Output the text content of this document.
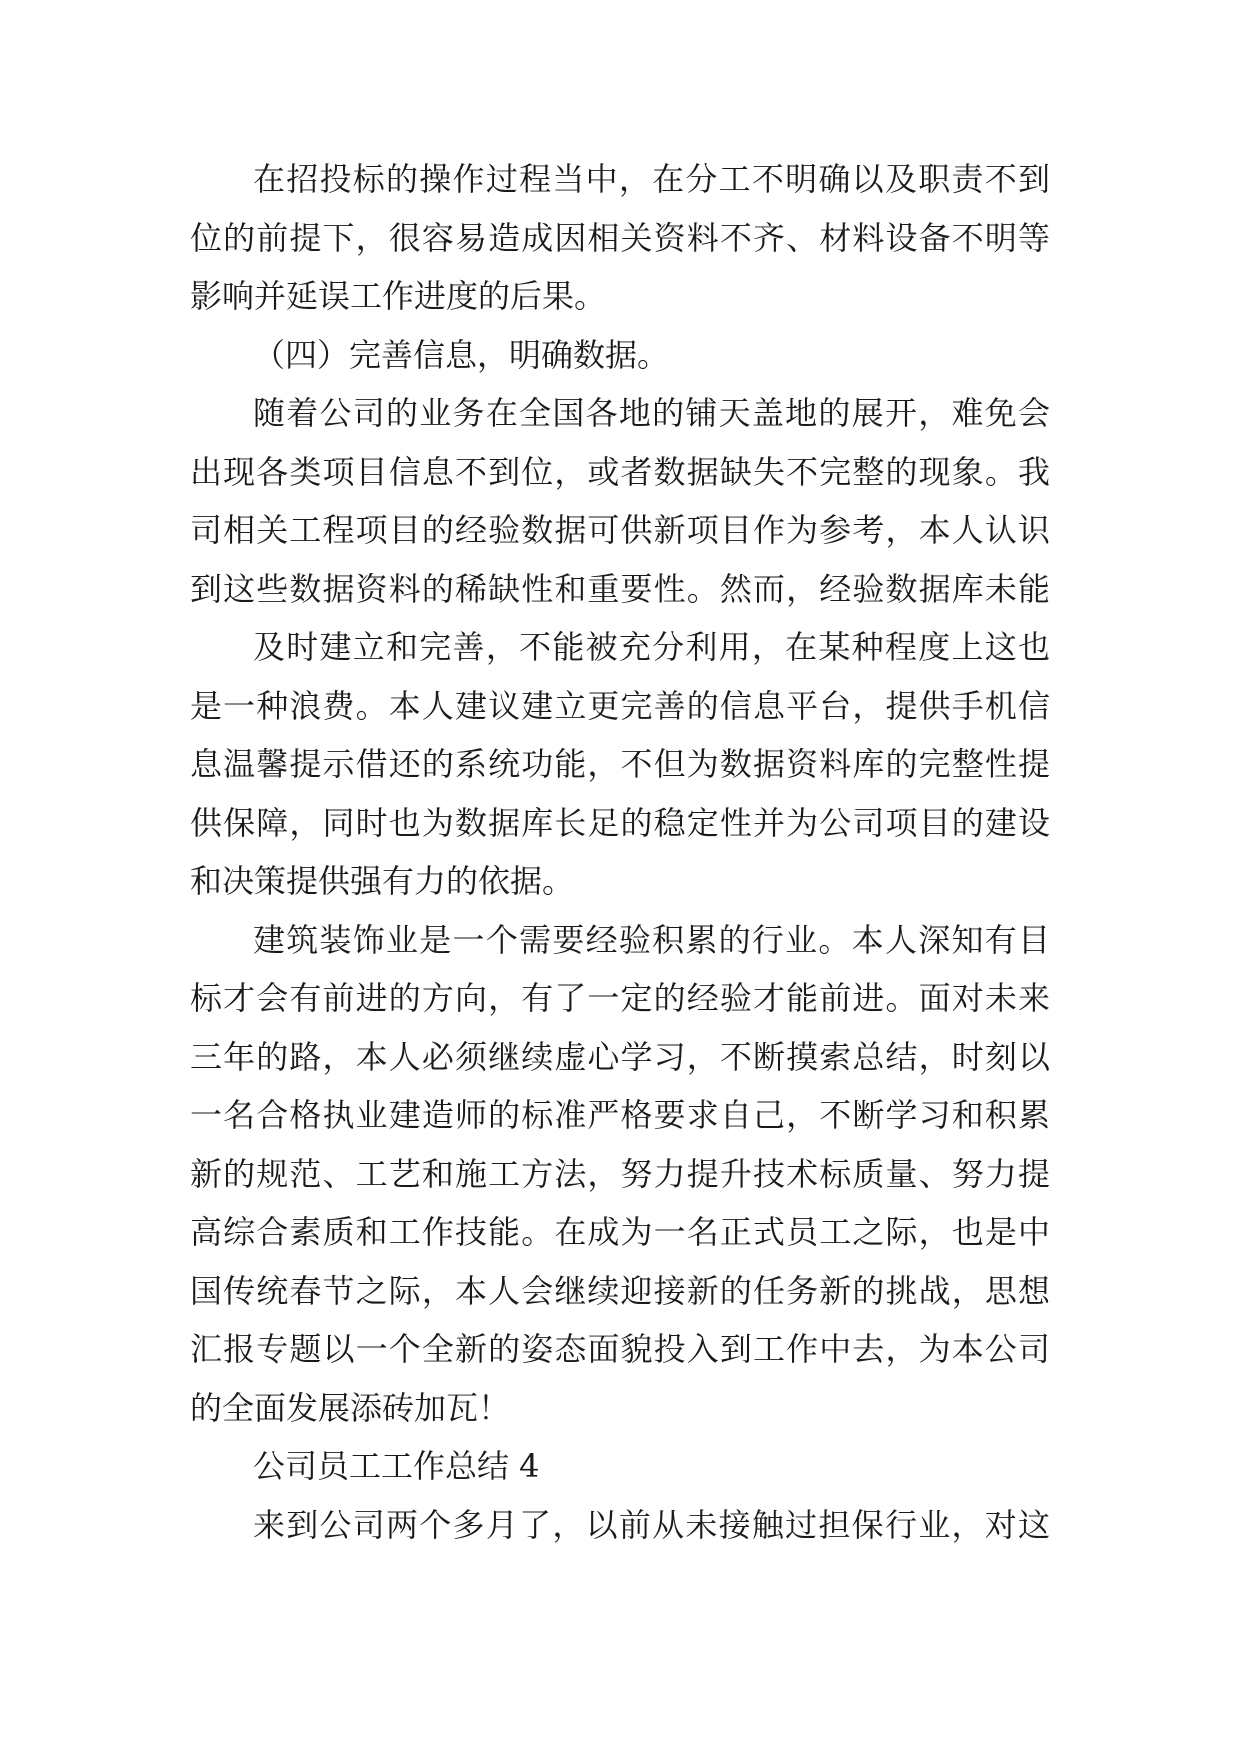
在招投标的操作过程当中，在分工不明确以及职责不到
位的前提下，很容易造成因相关资料不齐、材料设备不明等
影响并延误工作进度的后果。
（四）完善信息，明确数据。
随着公司的业务在全国各地的铺天盖地的展开，难免会
出现各类项目信息不到位，或者数据缺失不完整的现象。我
司相关工程项目的经验数据可供新项目作为参考，本人认识
到这些数据资料的稀缺性和重要性。然而，经验数据库未能
及时建立和完善，不能被充分利用，在某种程度上这也
是一种浪费。本人建议建立更完善的信息平台，提供手机信
息温馨提示借还的系统功能，不但为数据资料库的完整性提
供保障，同时也为数据库长足的稳定性并为公司项目的建设
和决策提供强有力的依据。
建筑装饰业是一个需要经验积累的行业。本人深知有目
标才会有前进的方向，有了一定的经验才能前进。面对未来
三年的路，本人必须继续虚心学习，不断摸索总结，时刻以
一名合格执业建造师的标准严格要求自己，不断学习和积累
新的规范、工艺和施工方法，努力提升技术标质量、努力提
高综合素质和工作技能。在成为一名正式员工之际，也是中
国传统春节之际，本人会继续迎接新的任务新的挑战，思想
汇报专题以一个全新的姿态面貌投入到工作中去，为本公司
的全面发展添砖加瓦！
公司员工工作总结 4
来到公司两个多月了，以前从未接触过担保行业，对这
